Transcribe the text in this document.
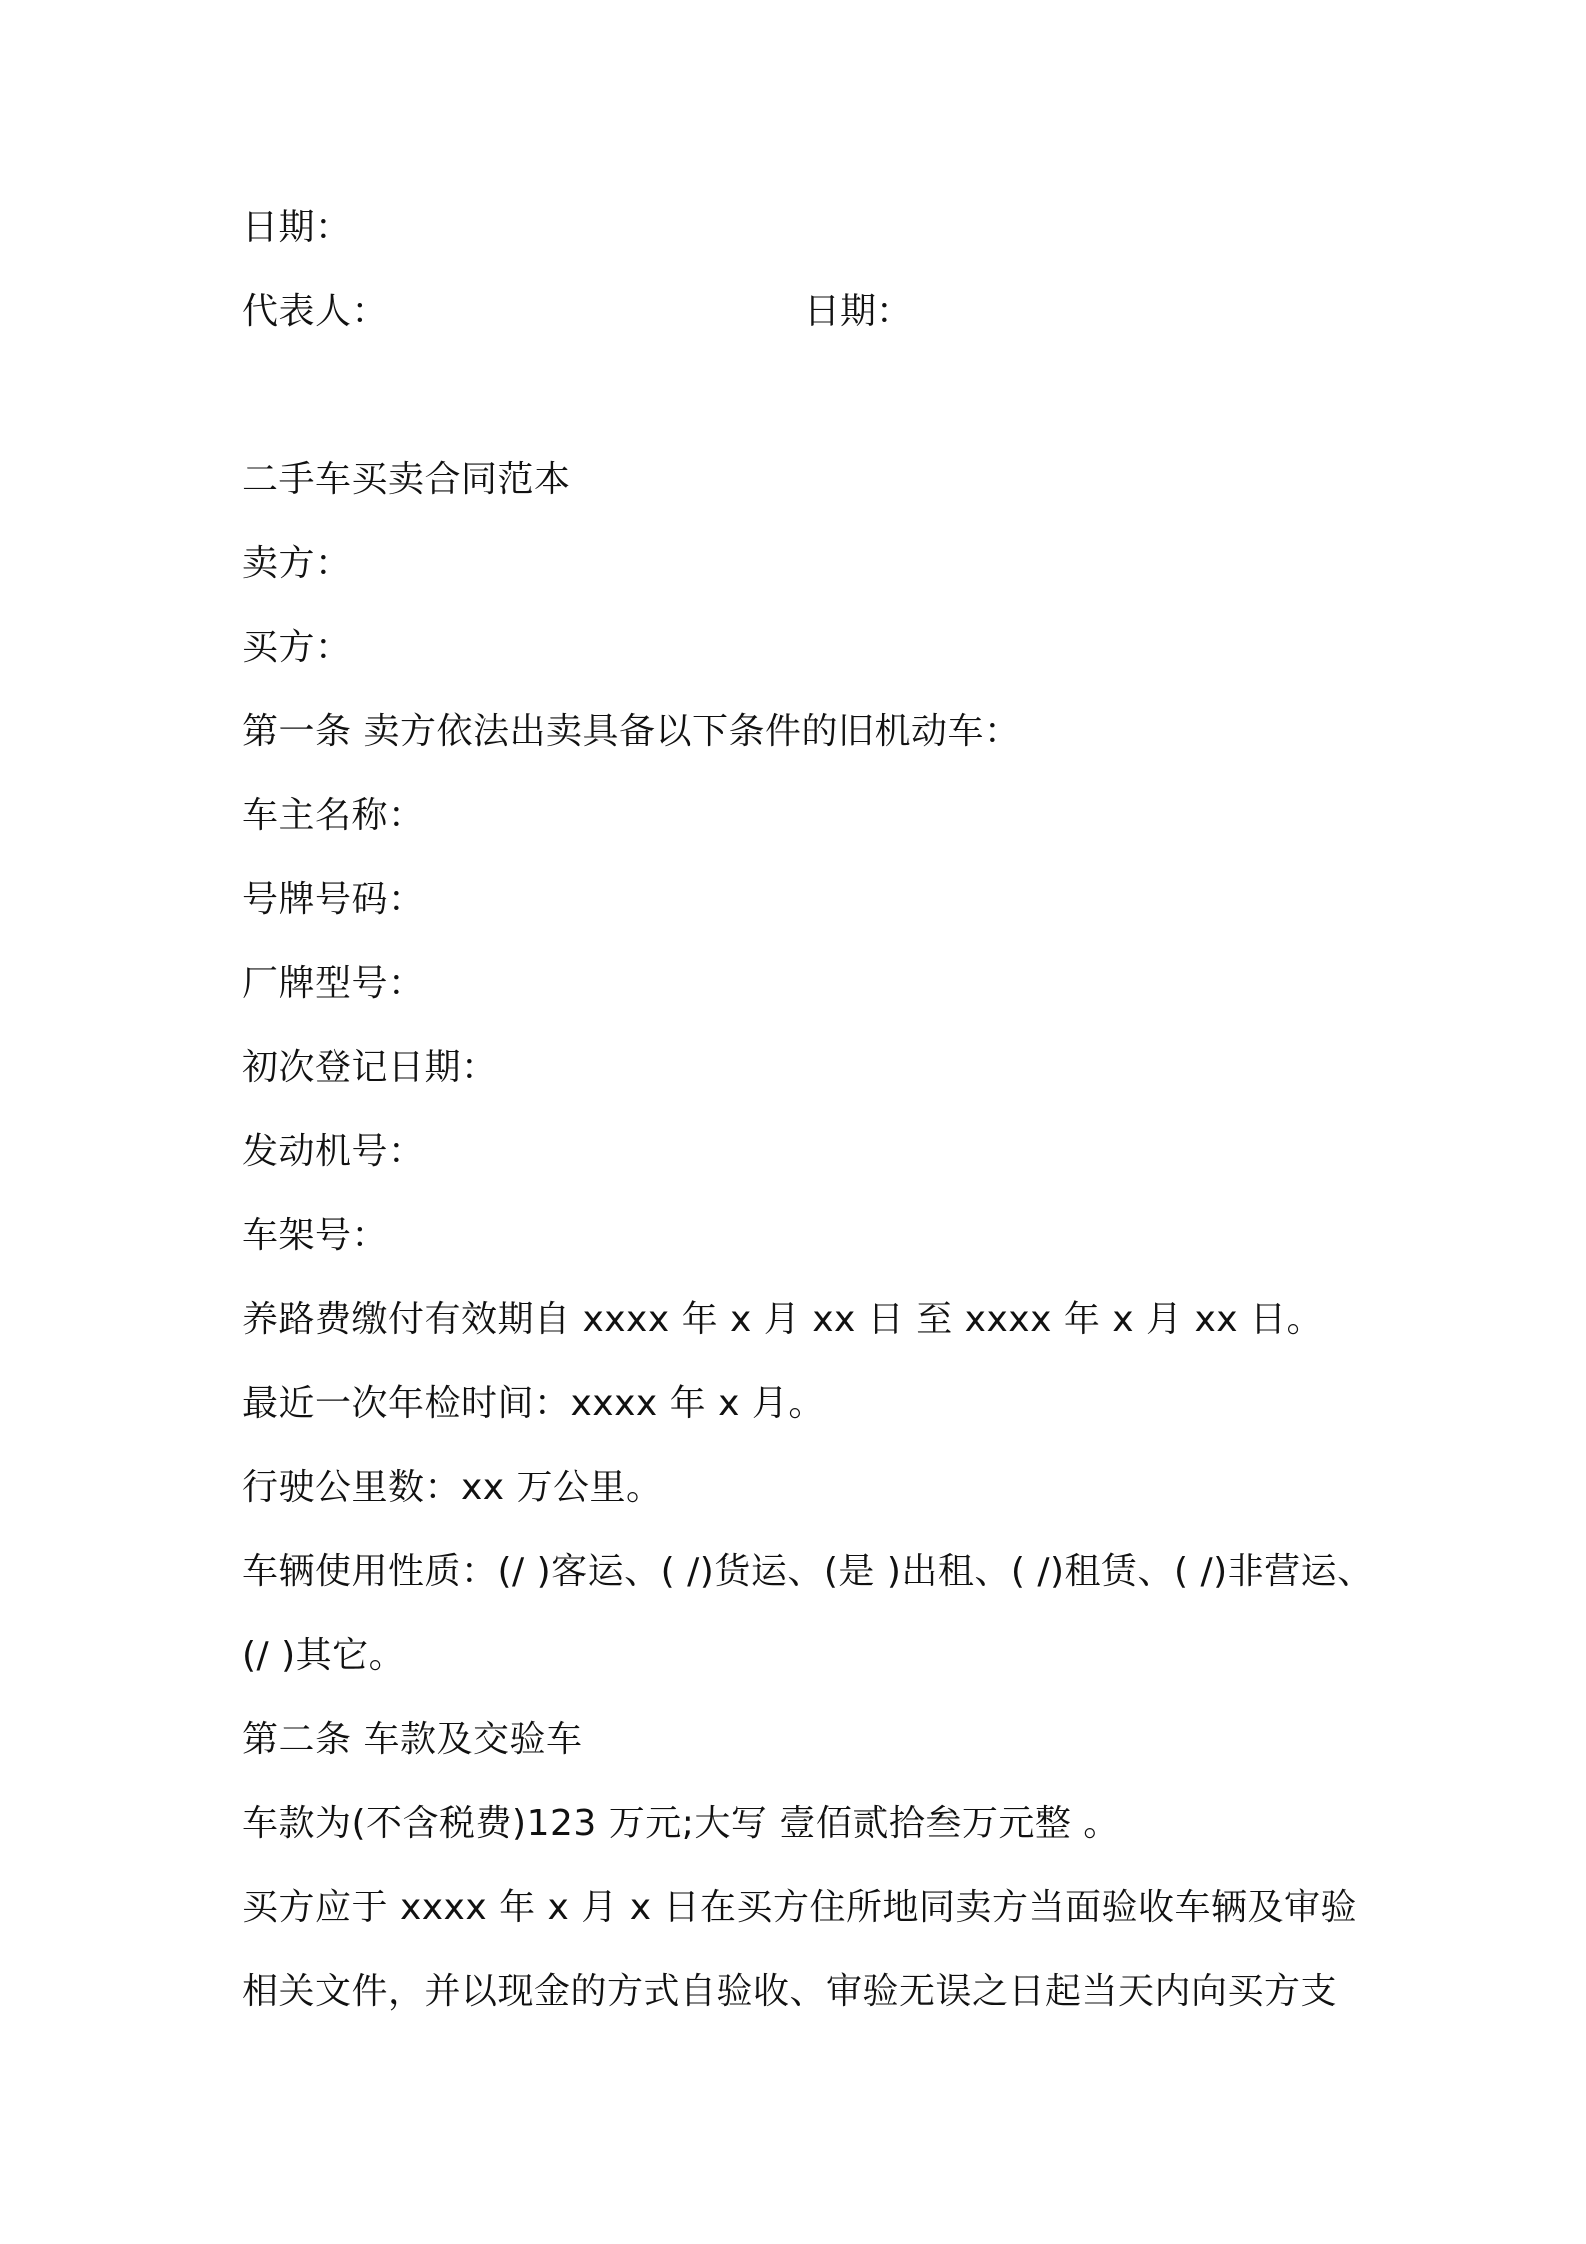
日期：
代表人：	日期：
二手车买卖合同范本
卖方：
买方：
第一条 卖方依法出卖具备以下条件的旧机动车：
车主名称：
号牌号码：
厂牌型号：
初次登记日期：
发动机号：
车架号：
养路费缴付有效期自 xxxx 年 x 月 xx 日 至 xxxx 年 x 月 xx 日。
最近一次年检时间：xxxx 年 x 月。
行驶公里数：xx 万公里。
车辆使用性质：(/ )客运、( /)货运、(是 )出租、( /)租赁、( /)非营运、
(/ )其它。
第二条 车款及交验车
车款为(不含税费)123 万元;大写 壹佰贰拾叁万元整 。
买方应于 xxxx 年 x 月 x 日在买方住所地同卖方当面验收车辆及审验
相关文件，并以现金的方式自验收、审验无误之日起当天内向买方支
